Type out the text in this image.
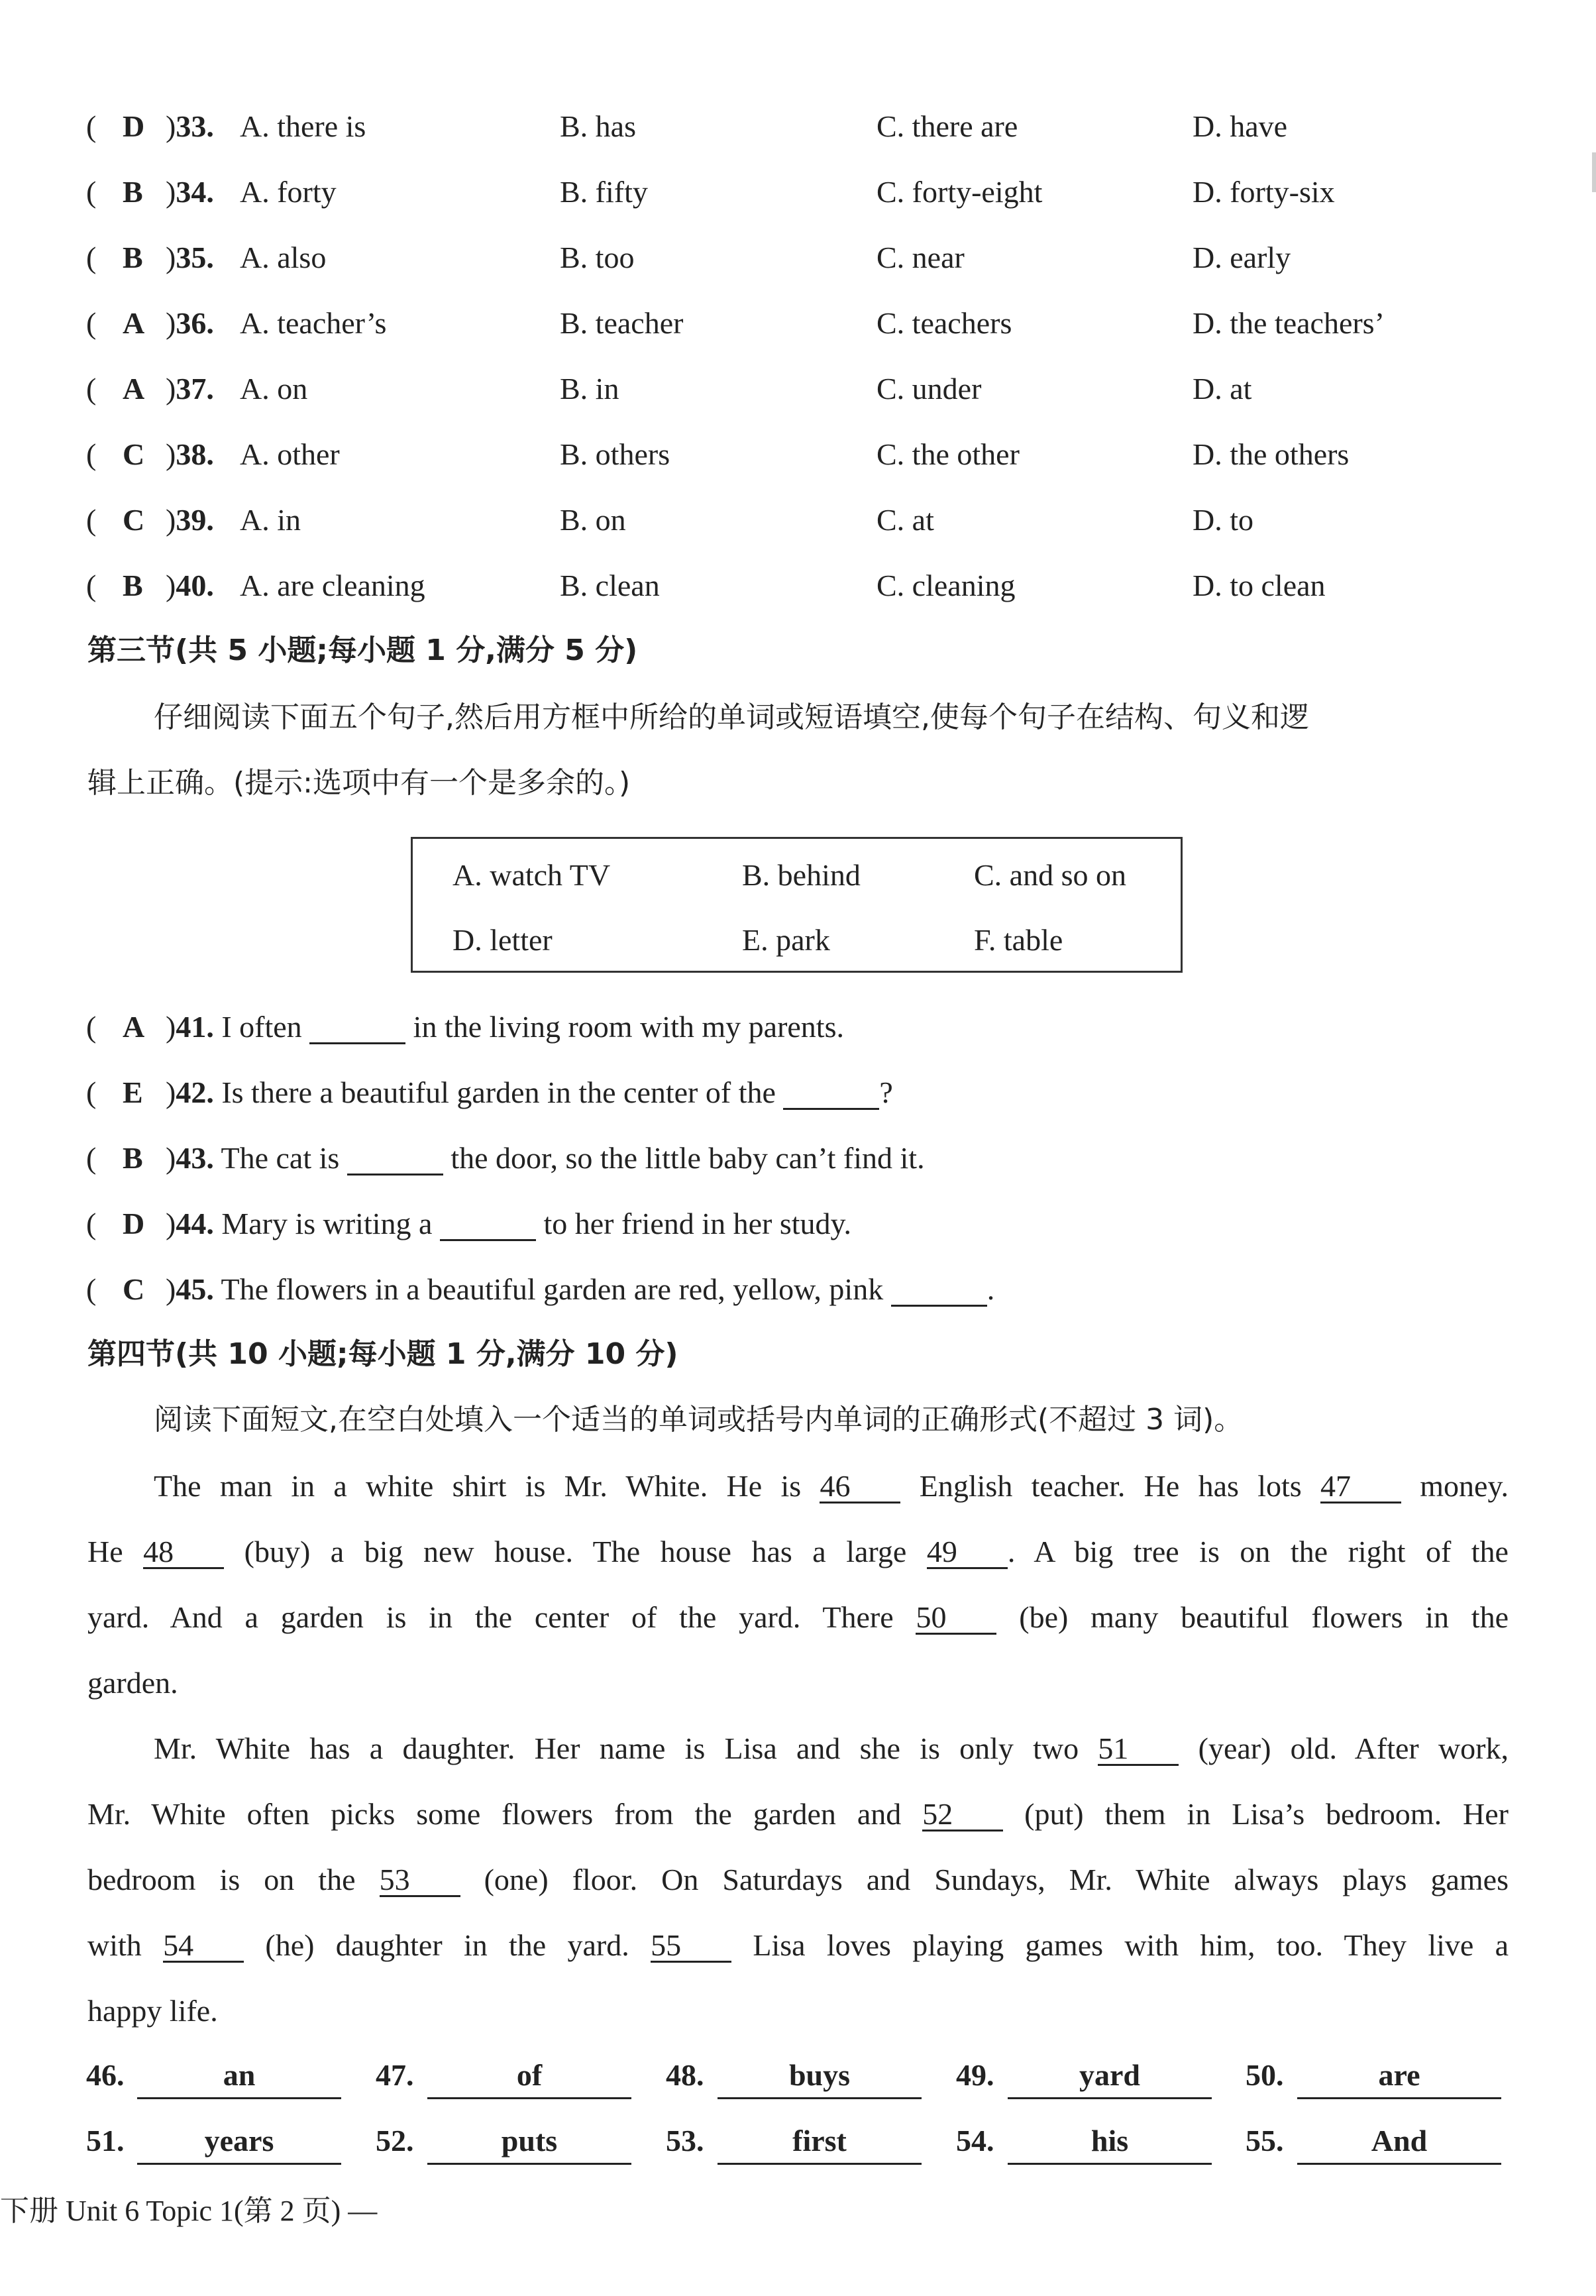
( D )33. A. there is	B. has	C. there are	D. have
( B )34. A. forty	B. fifty	C. forty-eight	D. forty-six
( B )35. A. also	B. too	C. near	D. early
( A )36. A. teacher’s	B. teacher	C. teachers	D. the teachers’
( A )37. A. on	B. in	C. under	D. at
( C )38. A. other	B. others	C. the other	D. the others
( C )39. A. in	B. on	C. at	D. to
( B )40. A. are cleaning	B. clean	C. cleaning	D. to clean
第三节(共 5 小题;每小题 1 分,满分 5 分)
仔细阅读下面五个句子,然后用方框中所给的单词或短语填空,使每个句子在结构、句义和逻
辑上正确。(提示:选项中有一个是多余的。)
A. watch TV	B. behind	C. and so on
D. letter	E. park	F. table
( A )41. I often	in the living room with my parents.
( E )42. Is there a beautiful garden in the center of the	?
( B )43. The cat is	the door, so the little baby can’t find it.
( D )44. Mary is writing a	to her friend in her study.
( C )45. The flowers in a beautiful garden are red, yellow, pink	.
第四节(共 10 小题;每小题 1 分,满分 10 分)
阅读下面短文,在空白处填入一个适当的单词或括号内单词的正确形式(不超过 3 词)。
The man in a white shirt is Mr. White. He is 46 English teacher. He has lots 47 money.
He 48 (buy) a big new house. The house has a large 49 . A big tree is on the right of the
yard. And a garden is in the center of the yard. There 50 (be) many beautiful flowers in the
garden.
Mr. White has a daughter. Her name is Lisa and she is only two 51 (year) old. After work,
Mr. White often picks some flowers from the garden and 52 (put) them in Lisa’s bedroom. Her
bedroom is on the 53 (one) floor. On Saturdays and Sundays, Mr. White always plays games
with 54 (he) daughter in the yard. 55 Lisa loves playing games with him, too. They live a
happy life.
46.	an	47.	of	48.	buys	49.	yard	50.	are
51.	years	52.	puts	53.	first	54.	his	55.	And
下册 Unit 6 Topic 1(第 2 页) —
